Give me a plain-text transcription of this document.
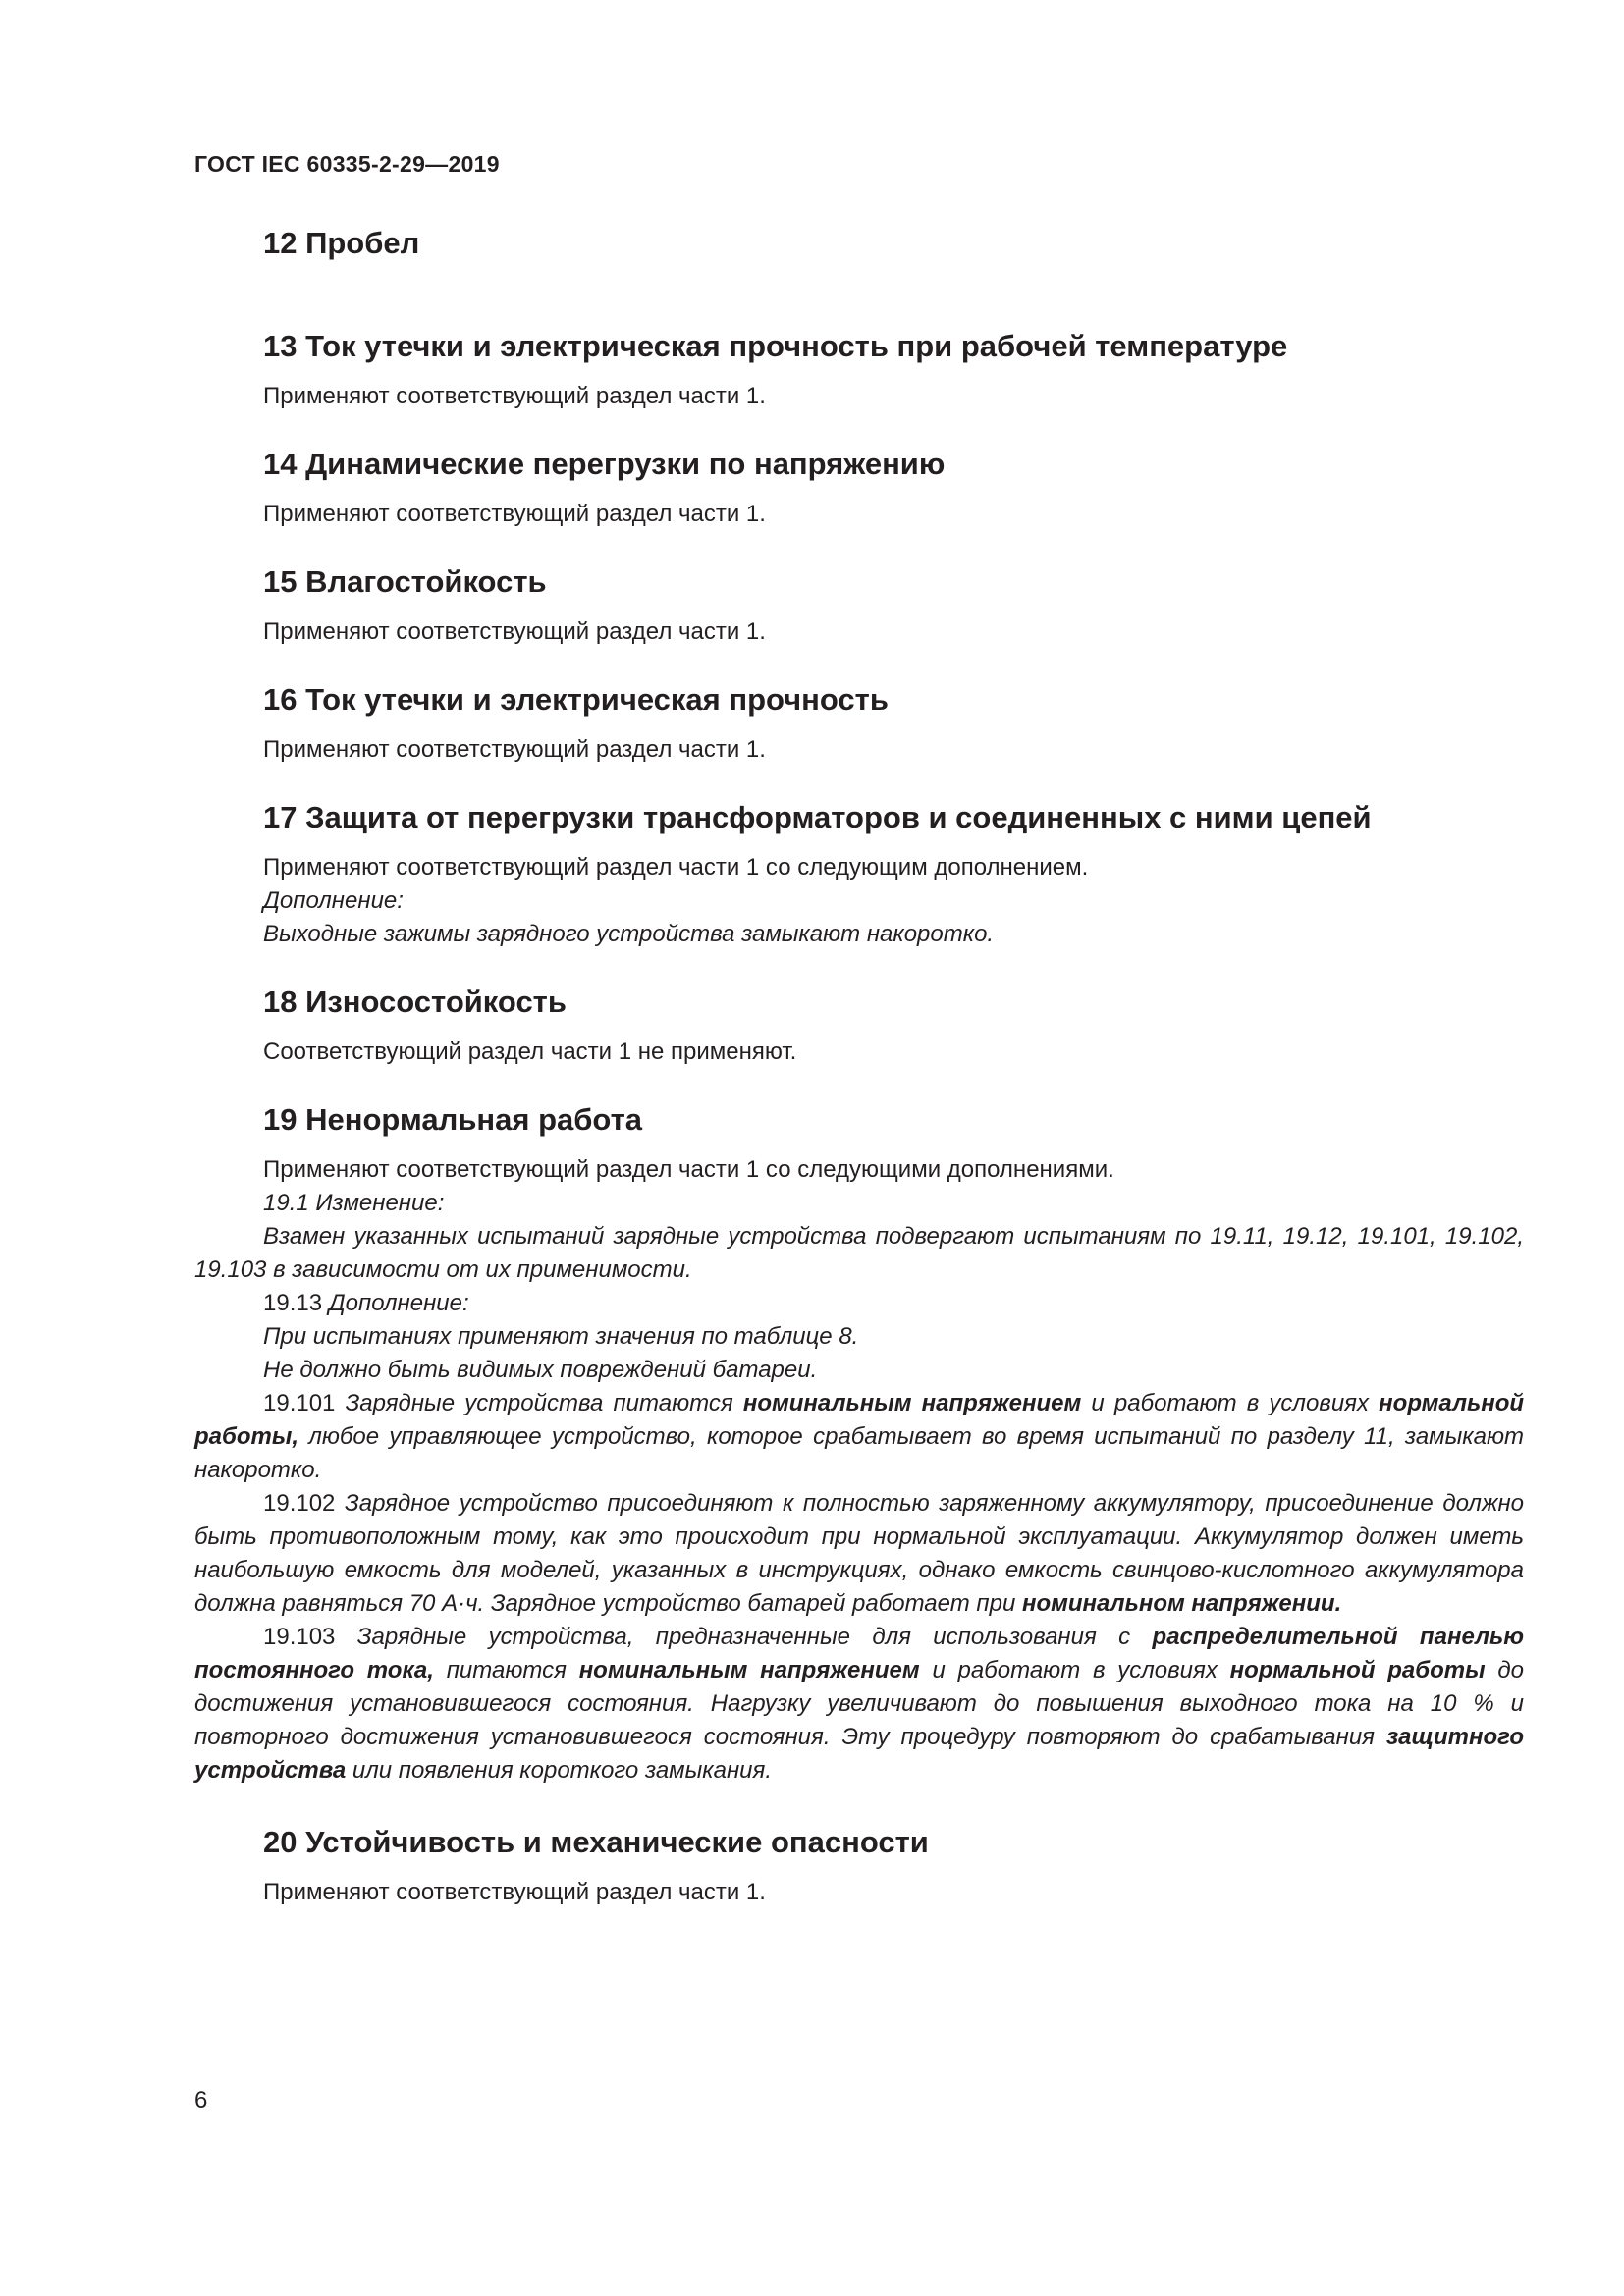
ГОСТ IEC 60335-2-29—2019
12 Пробел
13 Ток утечки и электрическая прочность при рабочей температуре

Применяют соответствующий раздел части 1.

14 Динамические перегрузки по напряжению

Применяют соответствующий раздел части 1.

15 Влагостойкость

Применяют соответствующий раздел части 1.

16 Ток утечки и электрическая прочность

Применяют соответствующий раздел части 1.

17 Защита от перегрузки трансформаторов и соединенных с ними цепей

Применяют соответствующий раздел части 1 со следующим дополнением.

Дополнение:

Выходные зажимы зарядного устройства замыкают накоротко.

18 Износостойкость

Соответствующий раздел части 1 не применяют.

19 Ненормальная работа

Применяют соответствующий раздел части 1 со следующими дополнениями.

19.1 Изменение:

Взамен указанных испытаний зарядные устройства подвергают испытаниям по 19.11, 19.12, 19.101, 19.102, 19.103 в зависимости от их применимости.

19.13 Дополнение:

При испытаниях применяют значения по таблице 8.

Не должно быть видимых повреждений батареи.

19.101 Зарядные устройства питаются номинальным напряжением и работают в условиях нормальной работы, любое управляющее устройство, которое срабатывает во время испытаний по разделу 11, замыкают накоротко.

19.102 Зарядное устройство присоединяют к полностью заряженному аккумулятору, присоединение должно быть противоположным тому, как это происходит при нормальной эксплуатации. Аккумулятор должен иметь наибольшую емкость для моделей, указанных в инструкциях, однако емкость свинцово-кислотного аккумулятора должна равняться 70 А·ч. Зарядное устройство батарей работает при номинальном напряжении.

19.103 Зарядные устройства, предназначенные для использования с распределительной панелью постоянного тока, питаются номинальным напряжением и работают в условиях нормальной работы до достижения установившегося состояния. Нагрузку увеличивают до повышения выходного тока на 10 % и повторного достижения установившегося состояния. Эту процедуру повторяют до срабатывания защитного устройства или появления короткого замыкания.

20 Устойчивость и механические опасности

Применяют соответствующий раздел части 1.

6
